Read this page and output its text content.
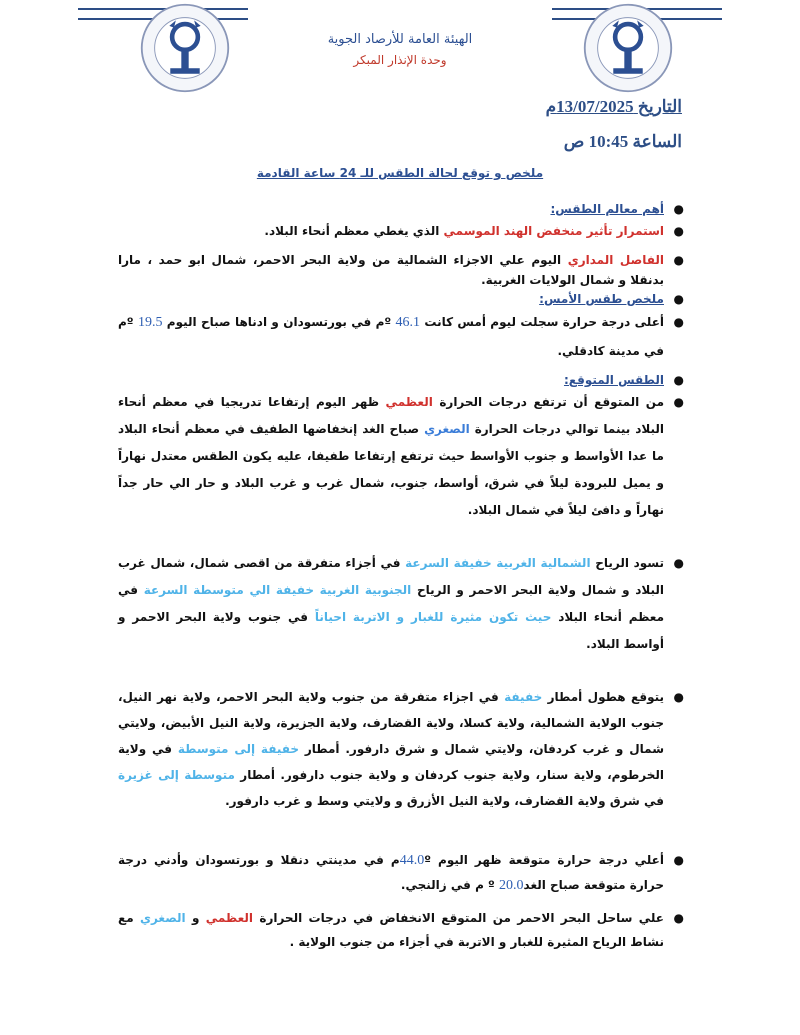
الهيئة العامة للأرصاد الجوية
وحدة الإنذار المبكر
التاريخ 13/07/2025م
الساعة 10:45 ص
ملخص و توقع لحالة الطقس للـ 24 ساعة القادمة
●
أهم معالم الطقس:
●
استمرار تأثير منخفض الهند الموسمي الذي يغطي معظم أنحاء البلاد.
●
الفاصل المداري اليوم علي الاجزاء الشمالية من ولاية البحر الاحمر، شمال ابو حمد ، مارا بدنقلا و شمال الولايات الغربية.
●
ملخص طقس الأمس:
●
أعلى درجة حرارة سجلت ليوم أمس كانت 46.1 ºم في بورتسودان و ادناها صباح اليوم 19.5 ºم في مدينة كادقلي.
●
الطقس المتوقع:
●
من المتوقع أن ترتفع درجات الحرارة العظمي ظهر اليوم إرتفاعا تدريجيا في معظم أنحاء البلاد بينما توالي درجات الحرارة الصغري صباح الغد إنخفاضها الطفيف في معظم أنحاء البلاد ما عدا الأواسط و جنوب الأواسط حيث ترتفع إرتفاعا طفيفا، عليه يكون الطقس معتدل نهاراً و يميل للبرودة ليلاً في شرق، أواسط، جنوب، شمال غرب و غرب البلاد و حار الي حار جداً نهاراً و دافئ ليلاً في شمال البلاد.
●
تسود الرياح الشمالية الغربية خفيفة السرعة في أجزاء متفرقة من اقصى شمال، شمال غرب البلاد و شمال ولاية البحر الاحمر و الرياح الجنوبية الغربية خفيفة الي متوسطة السرعة في معظم أنحاء البلاد حيث تكون مثيرة للغبار و الاتربة احياناً في جنوب ولاية البحر الاحمر و أواسط البلاد.
●
يتوقع هطول أمطار خفيفة في اجزاء متفرقة من جنوب ولاية البحر الاحمر، ولاية نهر النيل، جنوب الولاية الشمالية، ولاية كسلا، ولاية القضارف، ولاية الجزيرة، ولاية النيل الأبيض، ولايتي شمال و غرب كردفان، ولايتي شمال و شرق دارفور. أمطار خفيفة إلى متوسطة في ولاية الخرطوم، ولاية سنار، ولاية جنوب كردفان و ولاية جنوب دارفور. أمطار متوسطة إلى غزيرة في شرق ولاية القضارف، ولاية النيل الأزرق و ولايتي وسط و غرب دارفور.
●
أعلي درجة حرارة متوقعة ظهر اليوم 44.0ºم في مدينتي دنقلا و بورتسودان وأدني درجة حرارة متوقعة صباح الغد20.0 º م في زالنجي.
●
علي ساحل البحر الاحمر من المتوقع الانخفاض في درجات الحرارة العظمي و الصغري مع نشاط الرياح المثيرة للغبار و الاتربة في أجزاء من جنوب الولاية .
